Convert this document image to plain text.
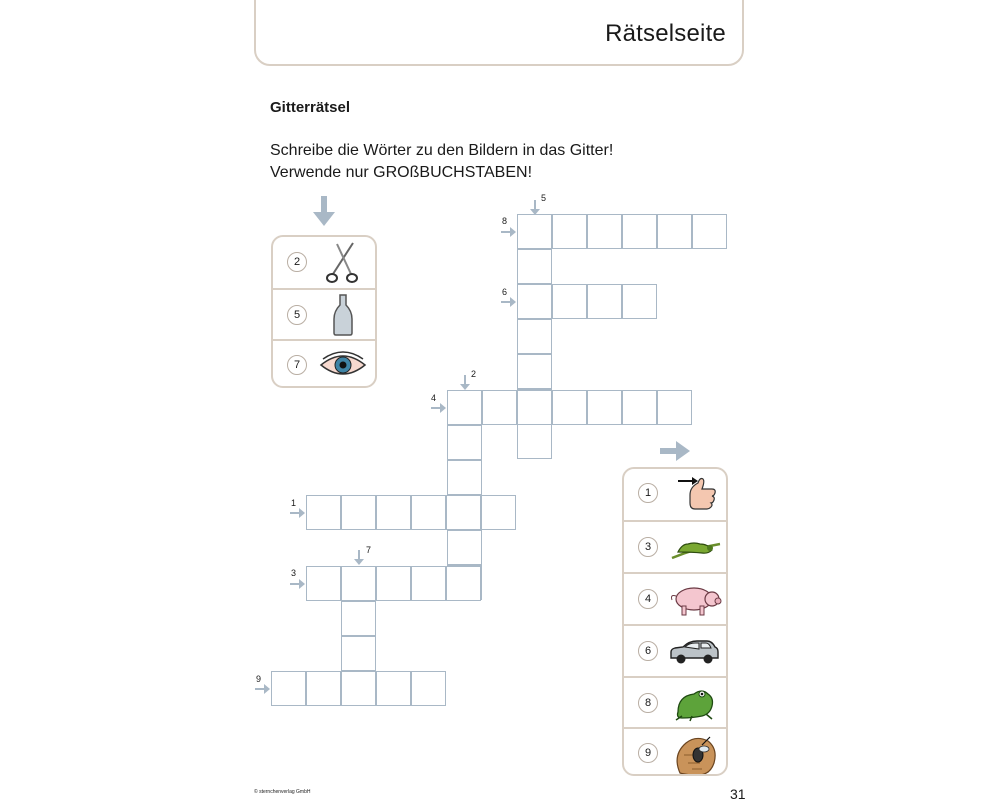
Rätselseite
Gitterrätsel
Schreibe die Wörter zu den Bildern in das Gitter!
Verwende nur GROßBUCHSTABEN!
5
8
6
2
4
1
7
3
9
2
5
7
1
3
4
6
8
9
© sternchenverlag GmbH	31
